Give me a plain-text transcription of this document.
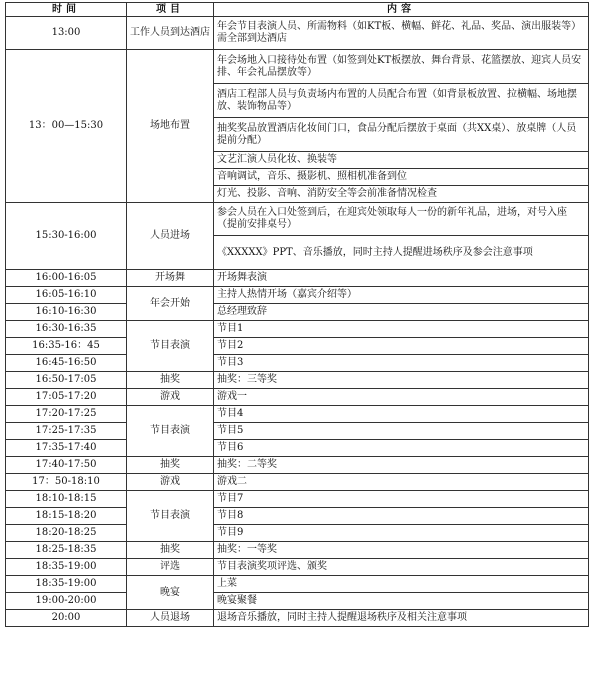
时间	项目	内容
13:00	工作人员到达酒店	年会节目表演人员、所需物料（如KT板、横幅、鲜花、礼品、奖品、演出服装等）需全部到达酒店
13：00—15:30	场地布置	年会场地入口接待处布置（如签到处KT板摆放、舞台背景、花篮摆放、迎宾人员安排、年会礼品摆放等）
		酒店工程部人员与负责场内布置的人员配合布置（如背景板放置、拉横幅、场地摆放、装饰物品等）
		抽奖奖品放置酒店化妆间门口，食品分配后摆放于桌面（共XX桌）、放桌牌（人员提前分配）
		文艺汇演人员化妆、换装等
		音响调试，音乐、摄影机、照相机准备到位
		灯光、投影、音响、消防安全等会前准备情况检查
15:30-16:00	人员进场	参会人员在入口处签到后，在迎宾处领取每人一份的新年礼品，进场，对号入座（提前安排桌号）
		《XXXXX》PPT、音乐播放，同时主持人提醒进场秩序及参会注意事项
16:00-16:05	开场舞	开场舞表演
16:05-16:10	年会开始	主持人热情开场（嘉宾介绍等）
16:10-16:30		总经理致辞
16:30-16:35	节目表演	节目1
16:35-16：45		节目2
16:45-16:50		节目3
16:50-17:05	抽奖	抽奖：三等奖
17:05-17:20	游戏	游戏一
17:20-17:25	节目表演	节目4
17:25-17:35		节目5
17:35-17:40		节目6
17:40-17:50	抽奖	抽奖：二等奖
17：50-18:10	游戏	游戏二
18:10-18:15	节目表演	节目7
18:15-18:20		节目8
18:20-18:25		节目9
18:25-18:35	抽奖	抽奖：一等奖
18:35-19:00	评选	节目表演奖项评选、颁奖
18:35-19:00	晚宴	上菜
19:00-20:00		晚宴聚餐
20:00	人员退场	退场音乐播放，同时主持人提醒退场秩序及相关注意事项
